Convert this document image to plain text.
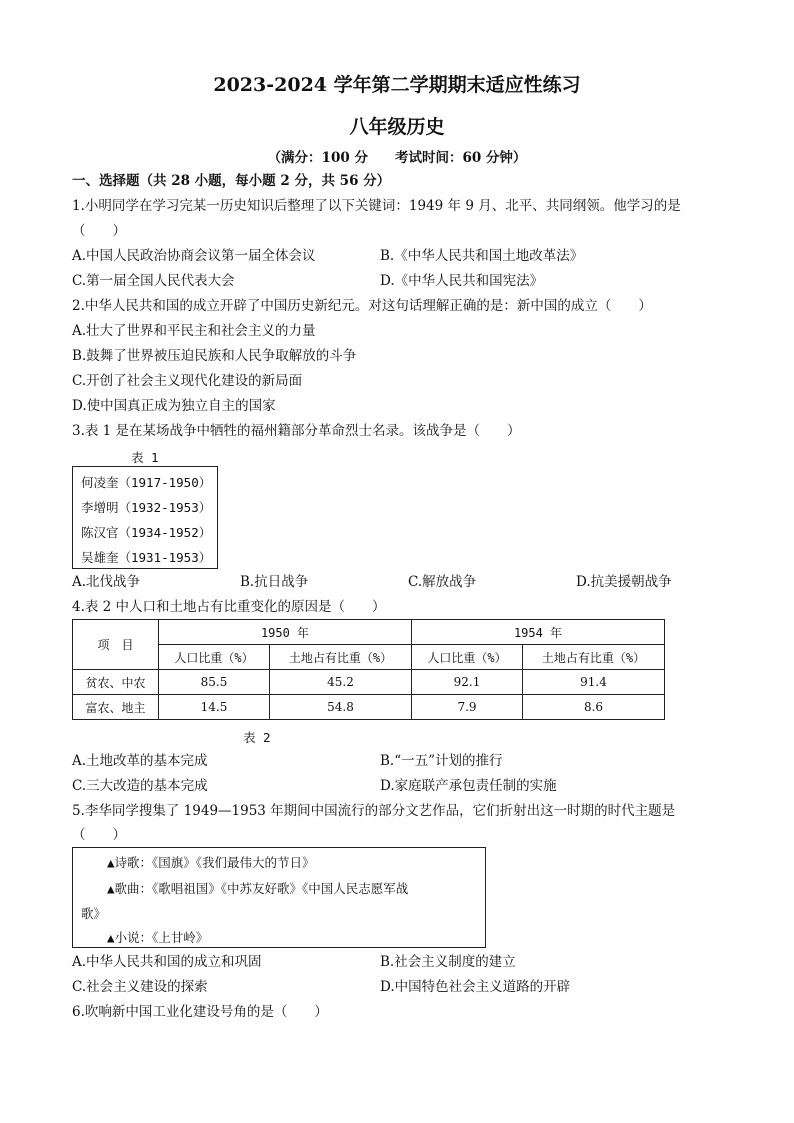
2023-2024 学年第二学期期末适应性练习
八年级历史
（满分：100 分　　考试时间：60 分钟）
一、选择题（共 28 小题，每小题 2 分，共 56 分）
1.小明同学在学习完某一历史知识后整理了以下关键词：1949 年 9 月、北平、共同纲领。他学习的是
（　　）
A.中国人民政治协商会议第一届全体会议	B.《中华人民共和国土地改革法》
C.第一届全国人民代表大会	D.《中华人民共和国宪法》
2.中华人民共和国的成立开辟了中国历史新纪元。对这句话理解正确的是：新中国的成立（　　）
A.壮大了世界和平民主和社会主义的力量
B.鼓舞了世界被压迫民族和人民争取解放的斗争
C.开创了社会主义现代化建设的新局面
D.使中国真正成为独立自主的国家
3.表 1 是在某场战争中牺牲的福州籍部分革命烈士名录。该战争是（　　）
表 1
何凌奎（1917-1950）
李增明（1932-1953）
陈汉官（1934-1952）
吴雄奎（1931-1953）
A.北伐战争	B.抗日战争	C.解放战争	D.抗美援朝战争
4.表 2 中人口和土地占有比重变化的原因是（　　）
项　目	1950 年		1954 年	
	人口比重（%）	土地占有比重（%）	人口比重（%）	土地占有比重（%）
贫农、中农	85.5	45.2	92.1	91.4
富农、地主	14.5	54.8	7.9	8.6
表 2
A.土地改革的基本完成	B.“一五”计划的推行
C.三大改造的基本完成	D.家庭联产承包责任制的实施
5.李华同学搜集了 1949—1953 年期间中国流行的部分文艺作品，它们折射出这一时期的时代主题是
（　　）
▲诗歌：《国旗》《我们最伟大的节日》
▲歌曲：《歌唱祖国》《中苏友好歌》《中国人民志愿军战
歌》
▲小说：《上甘岭》
A.中华人民共和国的成立和巩固	B.社会主义制度的建立
C.社会主义建设的探索	D.中国特色社会主义道路的开辟
6.吹响新中国工业化建设号角的是（　　）
